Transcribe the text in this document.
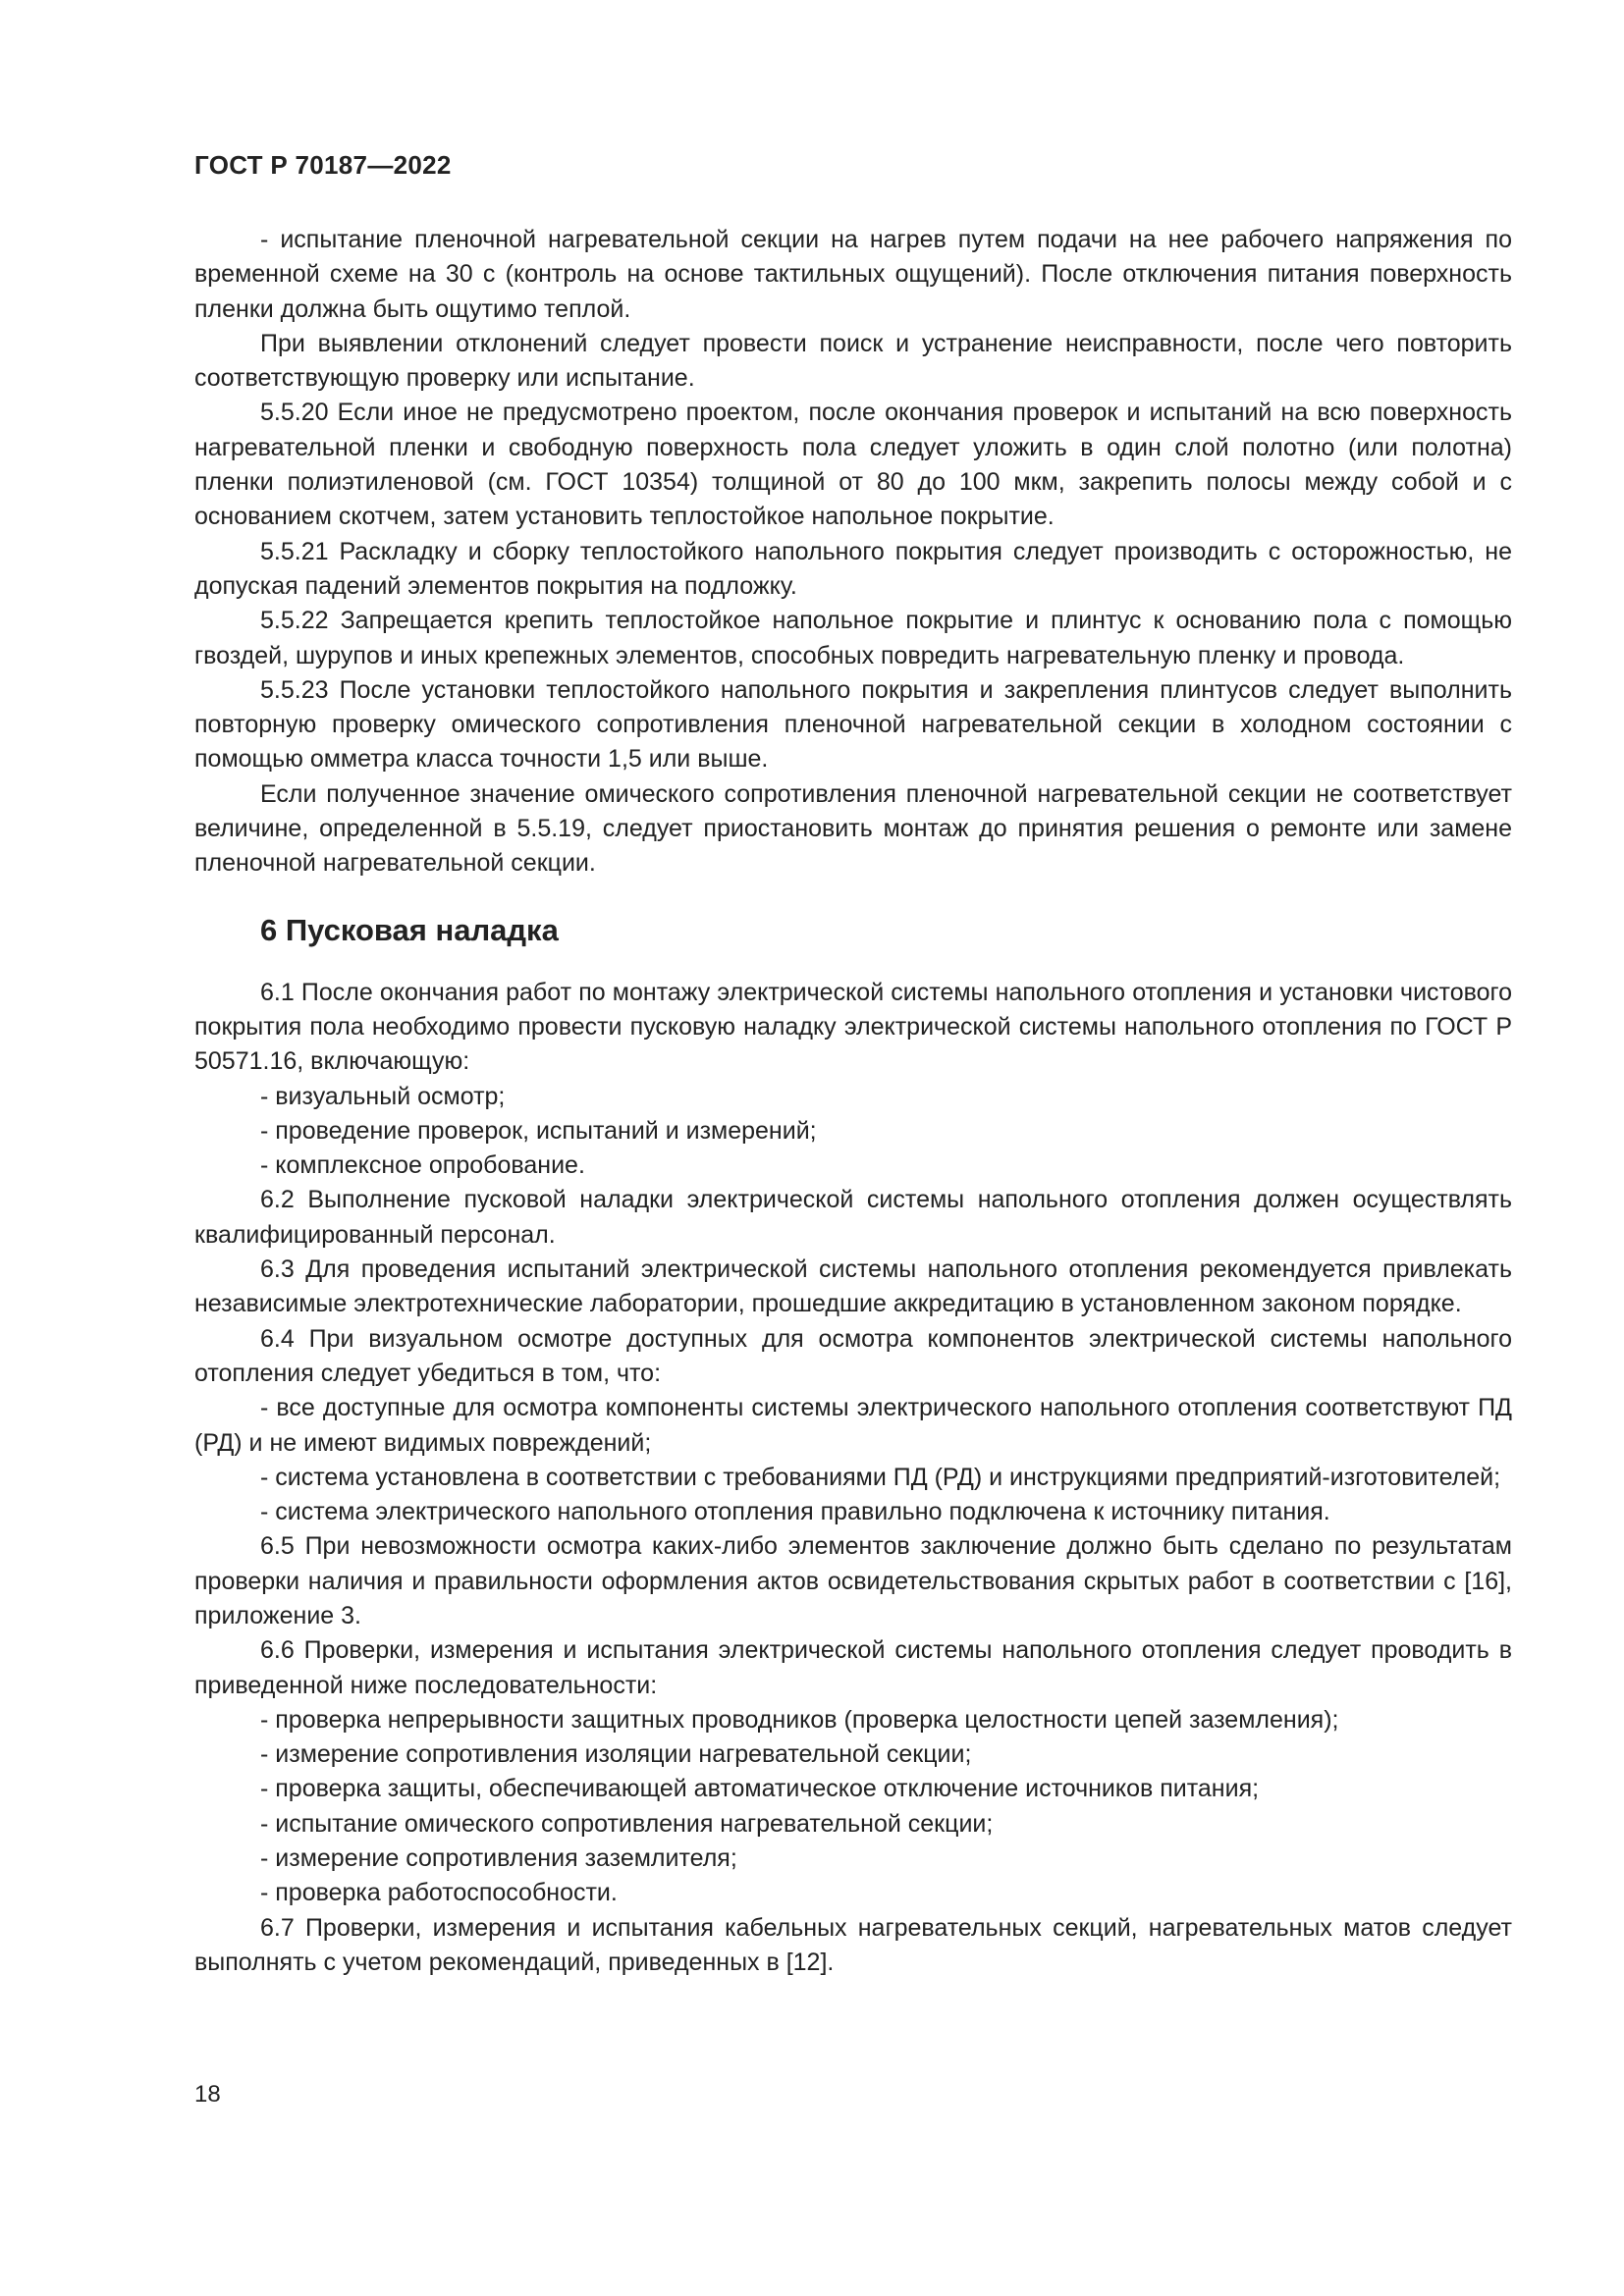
ГОСТ Р 70187—2022

- испытание пленочной нагревательной секции на нагрев путем подачи на нее рабочего напряжения по временной схеме на 30 с (контроль на основе тактильных ощущений). После отключения питания поверхность пленки должна быть ощутимо теплой.

При выявлении отклонений следует провести поиск и устранение неисправности, после чего повторить соответствующую проверку или испытание.

5.5.20 Если иное не предусмотрено проектом, после окончания проверок и испытаний на всю поверхность нагревательной пленки и свободную поверхность пола следует уложить в один слой полотно (или полотна) пленки полиэтиленовой (см. ГОСТ 10354) толщиной от 80 до 100 мкм, закрепить полосы между собой и с основанием скотчем, затем установить теплостойкое напольное покрытие.

5.5.21 Раскладку и сборку теплостойкого напольного покрытия следует производить с осторожностью, не допуская падений элементов покрытия на подложку.

5.5.22 Запрещается крепить теплостойкое напольное покрытие и плинтус к основанию пола с помощью гвоздей, шурупов и иных крепежных элементов, способных повредить нагревательную пленку и провода.

5.5.23 После установки теплостойкого напольного покрытия и закрепления плинтусов следует выполнить повторную проверку омического сопротивления пленочной нагревательной секции в холодном состоянии с помощью омметра класса точности 1,5 или выше.

Если полученное значение омического сопротивления пленочной нагревательной секции не соответствует величине, определенной в 5.5.19, следует приостановить монтаж до принятия решения о ремонте или замене пленочной нагревательной секции.

6 Пусковая наладка

6.1 После окончания работ по монтажу электрической системы напольного отопления и установки чистового покрытия пола необходимо провести пусковую наладку электрической системы напольного отопления по ГОСТ Р 50571.16, включающую:

- визуальный осмотр;

- проведение проверок, испытаний и измерений;

- комплексное опробование.

6.2 Выполнение пусковой наладки электрической системы напольного отопления должен осуществлять квалифицированный персонал.

6.3 Для проведения испытаний электрической системы напольного отопления рекомендуется привлекать независимые электротехнические лаборатории, прошедшие аккредитацию в установленном законом порядке.

6.4 При визуальном осмотре доступных для осмотра компонентов электрической системы напольного отопления следует убедиться в том, что:

- все доступные для осмотра компоненты системы электрического напольного отопления соответствуют ПД (РД) и не имеют видимых повреждений;

- система установлена в соответствии с требованиями ПД (РД) и инструкциями предприятий-изготовителей;

- система электрического напольного отопления правильно подключена к источнику питания.

6.5 При невозможности осмотра каких-либо элементов заключение должно быть сделано по результатам проверки наличия и правильности оформления актов освидетельствования скрытых работ в соответствии с [16], приложение 3.

6.6 Проверки, измерения и испытания электрической системы напольного отопления следует проводить в приведенной ниже последовательности:

- проверка непрерывности защитных проводников (проверка целостности цепей заземления);

- измерение сопротивления изоляции нагревательной секции;

- проверка защиты, обеспечивающей автоматическое отключение источников питания;

- испытание омического сопротивления нагревательной секции;

- измерение сопротивления заземлителя;

- проверка работоспособности.

6.7 Проверки, измерения и испытания кабельных нагревательных секций, нагревательных матов следует выполнять с учетом рекомендаций, приведенных в [12].

18
